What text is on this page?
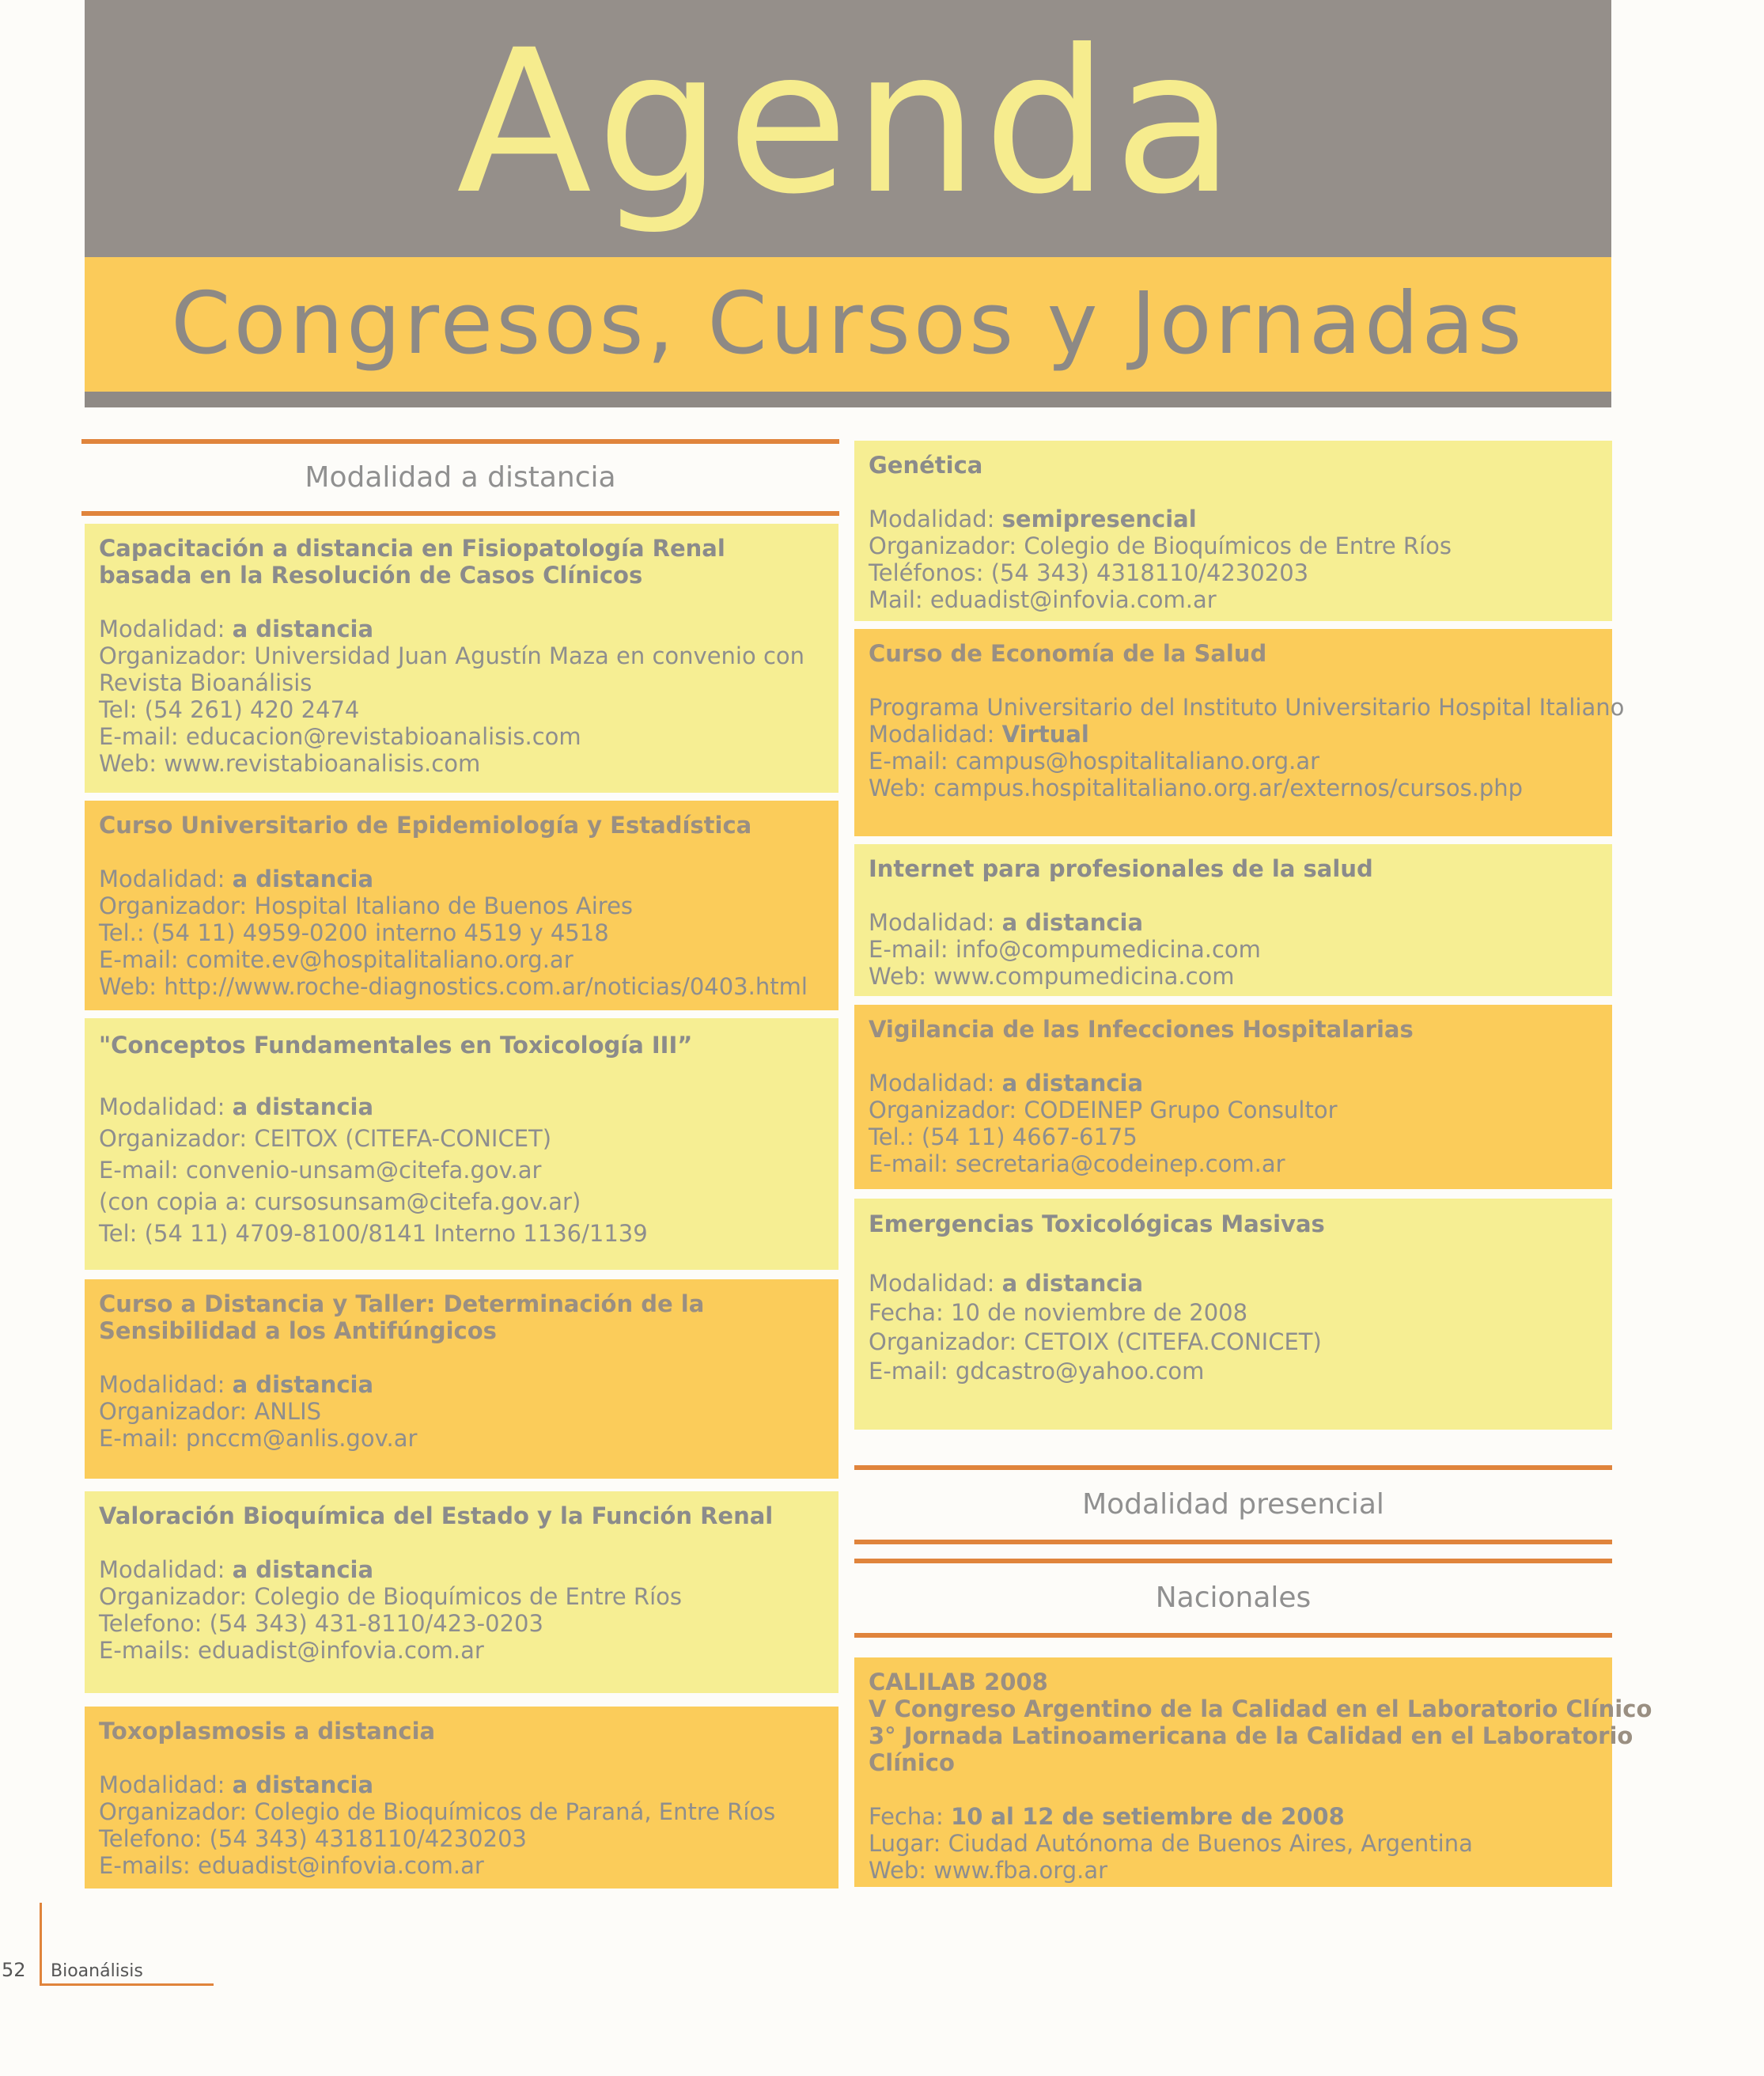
Agenda
Congresos, Cursos y Jornadas
Modalidad a distancia
Capacitación a distancia en Fisiopatología Renal basada en la Resolución de Casos Clínicos
Modalidad: a distancia
Organizador: Universidad Juan Agustín Maza en convenio con
Revista Bioanálisis
Tel: (54 261) 420 2474
E-mail: educacion@revistabioanalisis.com
Web: www.revistabioanalisis.com
Curso Universitario de Epidemiología y Estadística
Modalidad: a distancia
Organizador: Hospital Italiano de Buenos Aires
Tel.: (54 11) 4959-0200 interno 4519 y 4518
E-mail: comite.ev@hospitalitaliano.org.ar
Web: http://www.roche-diagnostics.com.ar/noticias/0403.html
"Conceptos Fundamentales en Toxicología III”
Modalidad: a distancia
Organizador: CEITOX (CITEFA-CONICET)
E-mail: convenio-unsam@citefa.gov.ar
(con copia a: cursosunsam@citefa.gov.ar)
Tel: (54 11) 4709-8100/8141 Interno 1136/1139
Curso a Distancia y Taller: Determinación de la Sensibilidad a los Antifúngicos
Modalidad: a distancia
Organizador: ANLIS
E-mail: pnccm@anlis.gov.ar
Valoración Bioquímica del Estado y la Función Renal
Modalidad: a distancia
Organizador: Colegio de Bioquímicos de Entre Ríos
Telefono: (54 343) 431-8110/423-0203
E-mails: eduadist@infovia.com.ar
Toxoplasmosis a distancia
Modalidad: a distancia
Organizador: Colegio de Bioquímicos de Paraná, Entre Ríos
Telefono: (54 343) 4318110/4230203
E-mails: eduadist@infovia.com.ar
Genética
Modalidad: semipresencial
Organizador: Colegio de Bioquímicos de Entre Ríos
Teléfonos: (54 343) 4318110/4230203
Mail: eduadist@infovia.com.ar
Curso de Economía de la Salud
Programa Universitario del Instituto Universitario Hospital Italiano
Modalidad: Virtual
E-mail: campus@hospitalitaliano.org.ar
Web: campus.hospitalitaliano.org.ar/externos/cursos.php
Internet para profesionales de la salud
Modalidad: a distancia
E-mail: info@compumedicina.com
Web: www.compumedicina.com
Vigilancia de las Infecciones Hospitalarias
Modalidad: a distancia
Organizador: CODEINEP Grupo Consultor
Tel.: (54 11) 4667-6175
E-mail: secretaria@codeinep.com.ar
Emergencias Toxicológicas Masivas
Modalidad: a distancia
Fecha: 10 de noviembre de 2008
Organizador: CETOIX (CITEFA.CONICET)
E-mail: gdcastro@yahoo.com
Modalidad presencial
Nacionales
CALILAB 2008
V Congreso Argentino de la Calidad en el Laboratorio Clínico
3° Jornada Latinoamericana de la Calidad en el Laboratorio
Clínico
Fecha: 10 al 12 de setiembre de 2008
Lugar: Ciudad Autónoma de Buenos Aires, Argentina
Web: www.fba.org.ar
52 Bioanálisis
